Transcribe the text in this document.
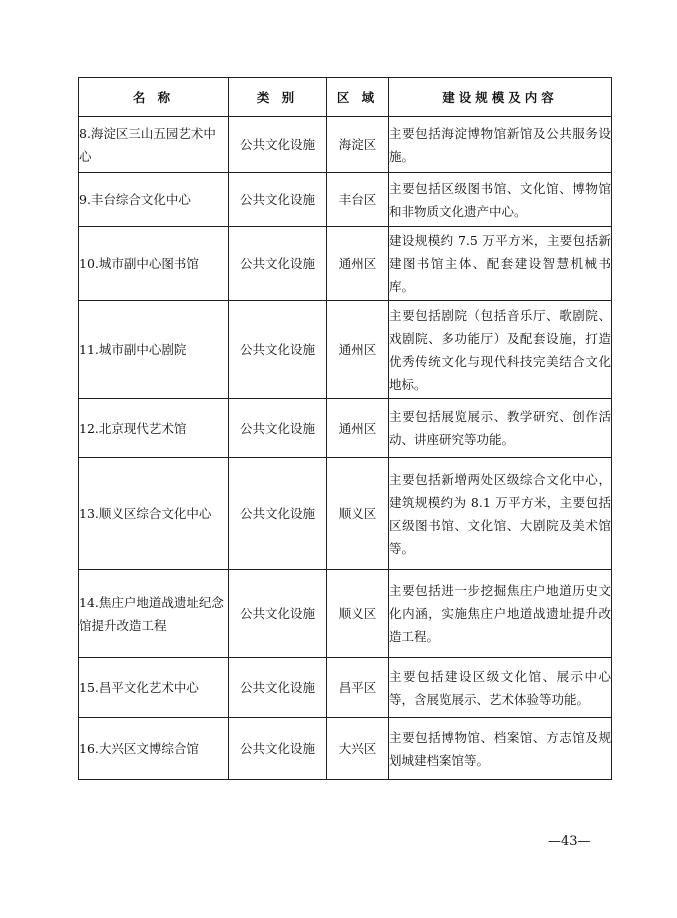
名 称	类 别	区 域	建设规模及内容
8.海淀区三山五园艺术中心	公共文化设施	海淀区	主要包括海淀博物馆新馆及公共服务设施。
9.丰台综合文化中心	公共文化设施	丰台区	主要包括区级图书馆、文化馆、博物馆和非物质文化遗产中心。
10.城市副中心图书馆	公共文化设施	通州区	建设规模约 7.5 万平方米，主要包括新建图书馆主体、配套建设智慧机械书库。
11.城市副中心剧院	公共文化设施	通州区	主要包括剧院（包括音乐厅、歌剧院、戏剧院、多功能厅）及配套设施，打造优秀传统文化与现代科技完美结合文化地标。
12.北京现代艺术馆	公共文化设施	通州区	主要包括展览展示、教学研究、创作活动、讲座研究等功能。
13.顺义区综合文化中心	公共文化设施	顺义区	主要包括新增两处区级综合文化中心，建筑规模约为 8.1 万平方米，主要包括区级图书馆、文化馆、大剧院及美术馆等。
14.焦庄户地道战遗址纪念馆提升改造工程	公共文化设施	顺义区	主要包括进一步挖掘焦庄户地道历史文化内涵，实施焦庄户地道战遗址提升改造工程。
15.昌平文化艺术中心	公共文化设施	昌平区	主要包括建设区级文化馆、展示中心等，含展览展示、艺术体验等功能。
16.大兴区文博综合馆	公共文化设施	大兴区	主要包括博物馆、档案馆、方志馆及规划城建档案馆等。
—43—
